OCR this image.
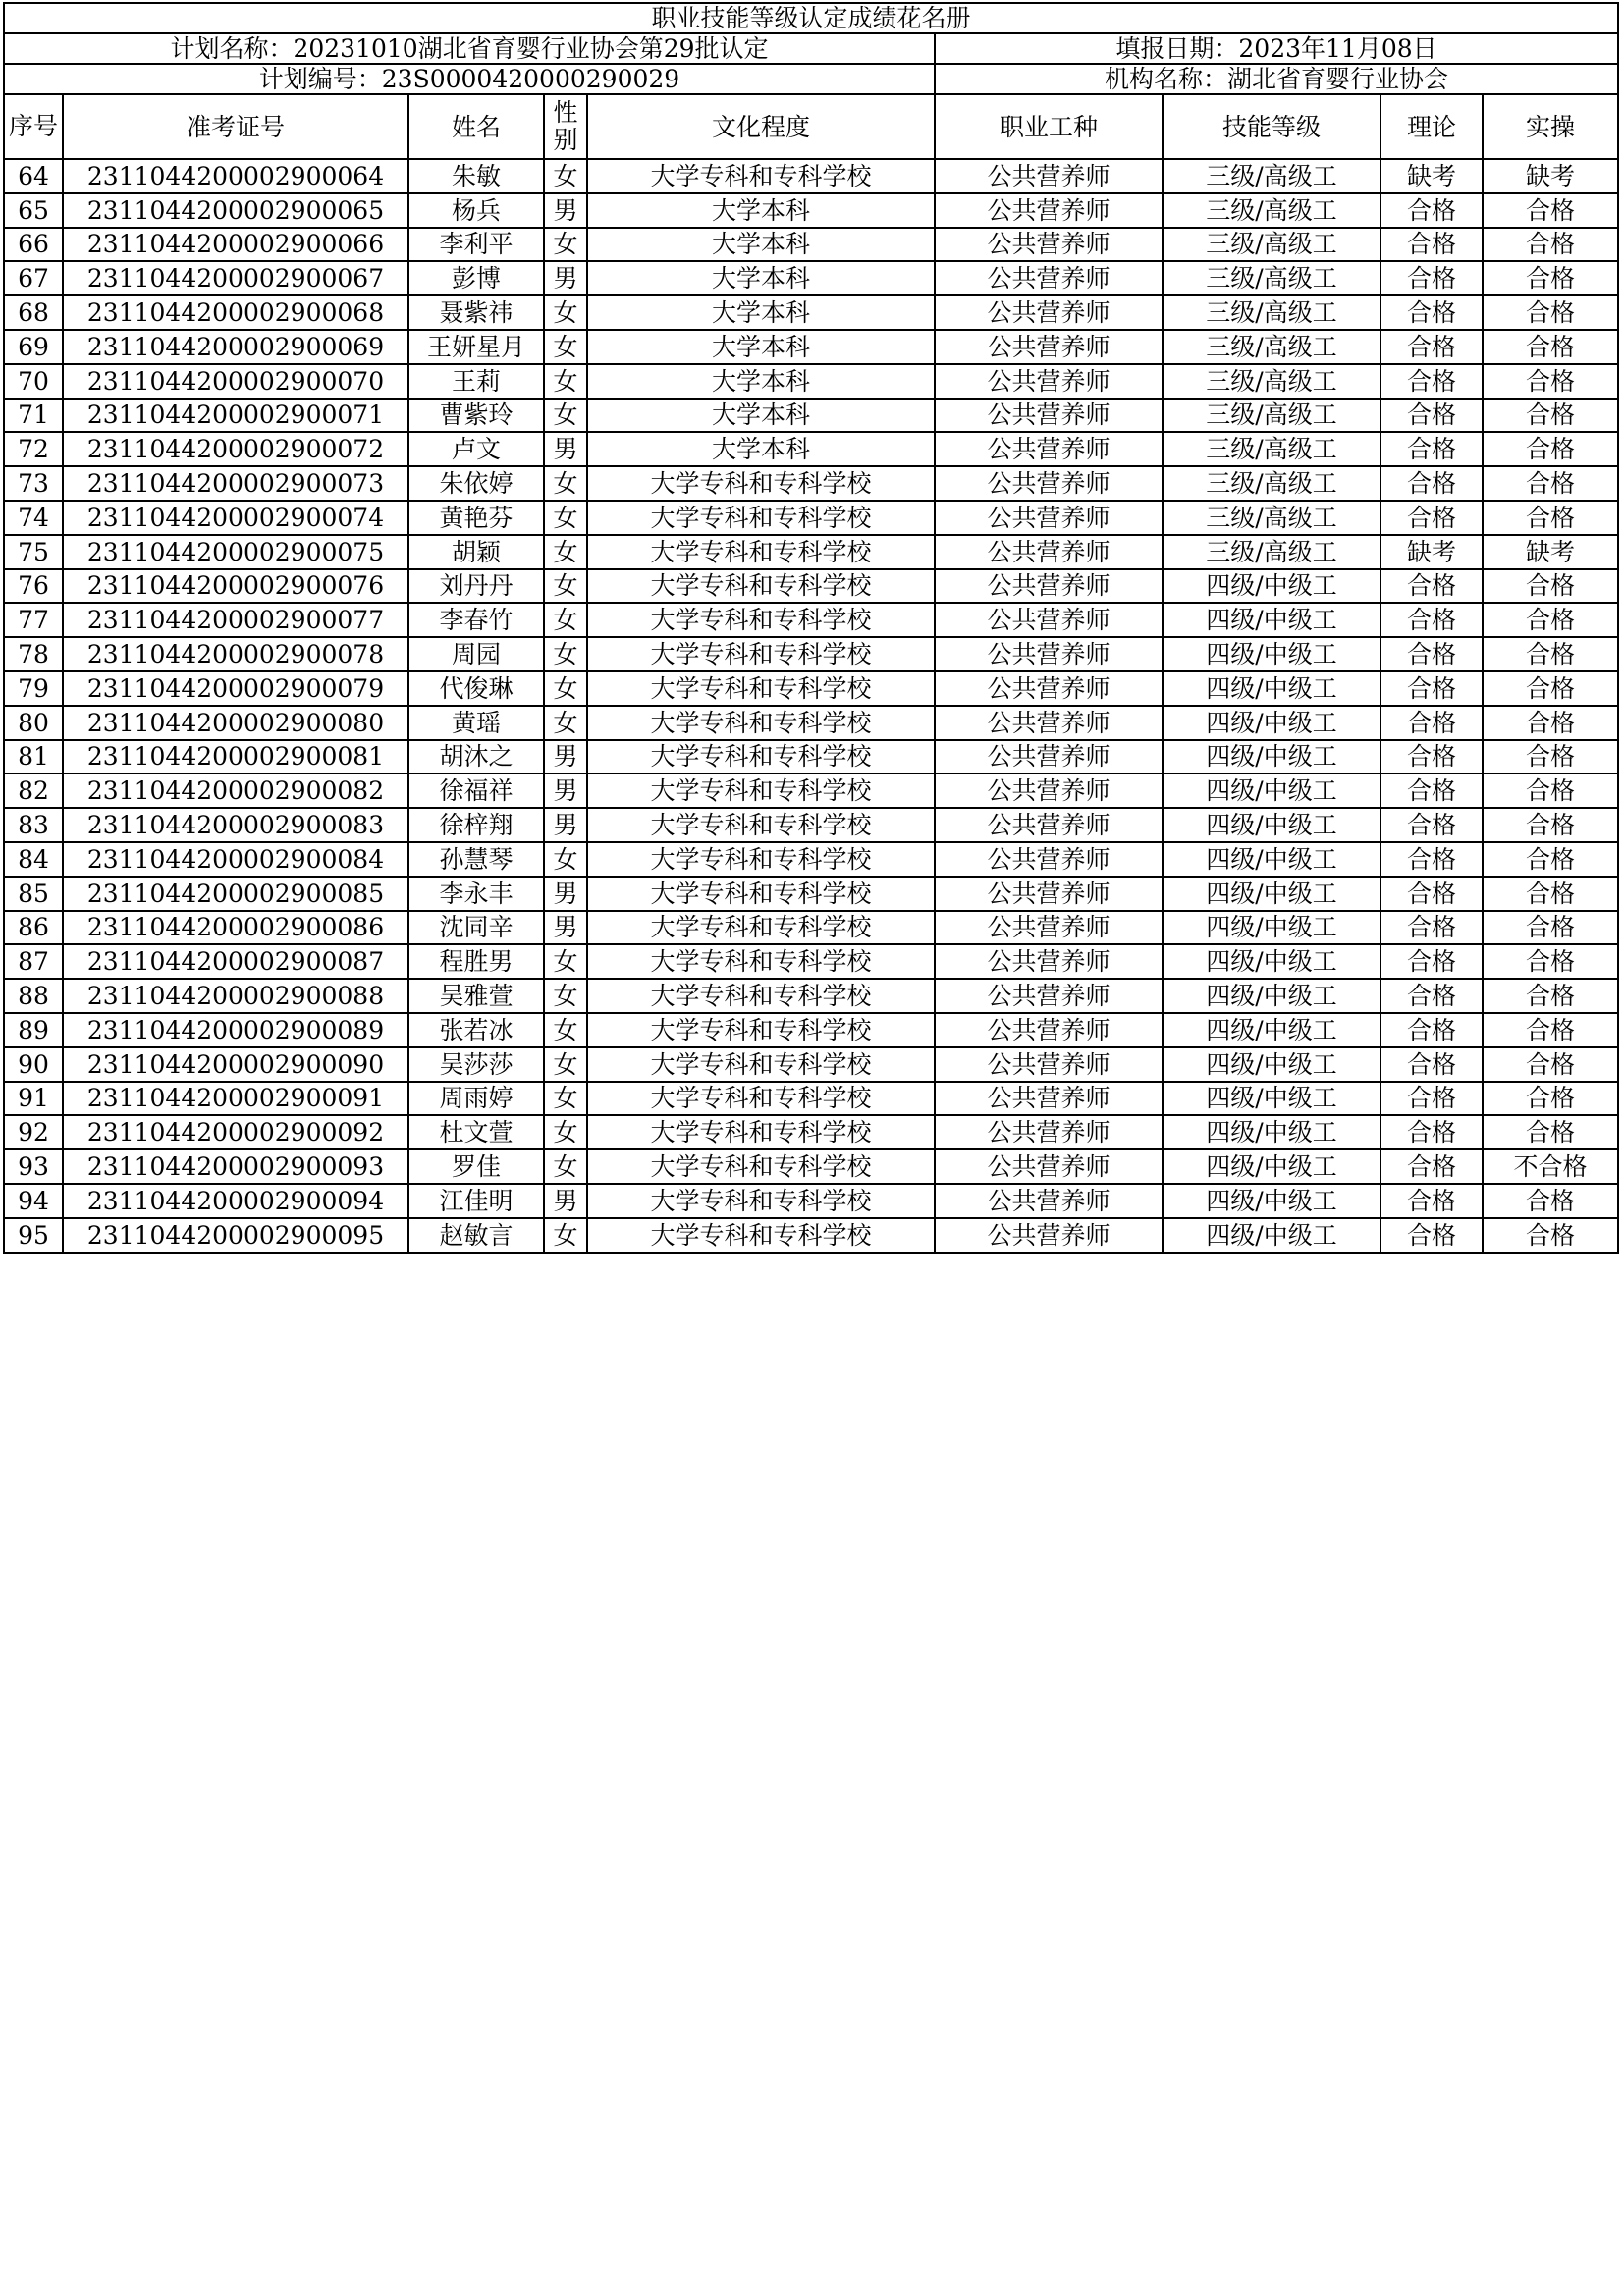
职业技能等级认定成绩花名册								
计划名称：20231010湖北省育婴行业协会第29批认定					填报日期：2023年11月08日			
计划编号：23S000042000029002​9					机构名称：湖北省育婴行业协会			
序号	准考证号	姓名	性别	文化程度	职业工种	技能等级	理论	实操
64	2311044200002900064	朱敏	女	大学专科和专科学校	公共营养师	三级/高级工	缺考	缺考
65	2311044200002900065	杨兵	男	大学本科	公共营养师	三级/高级工	合格	合格
66	2311044200002900066	李利平	女	大学本科	公共营养师	三级/高级工	合格	合格
67	2311044200002900067	彭博	男	大学本科	公共营养师	三级/高级工	合格	合格
68	2311044200002900068	聂紫祎	女	大学本科	公共营养师	三级/高级工	合格	合格
69	2311044200002900069	王妍星月	女	大学本科	公共营养师	三级/高级工	合格	合格
70	2311044200002900070	王莉	女	大学本科	公共营养师	三级/高级工	合格	合格
71	2311044200002900071	曹紫玲	女	大学本科	公共营养师	三级/高级工	合格	合格
72	2311044200002900072	卢文	男	大学本科	公共营养师	三级/高级工	合格	合格
73	2311044200002900073	朱依婷	女	大学专科和专科学校	公共营养师	三级/高级工	合格	合格
74	2311044200002900074	黄艳芬	女	大学专科和专科学校	公共营养师	三级/高级工	合格	合格
75	2311044200002900075	胡颖	女	大学专科和专科学校	公共营养师	三级/高级工	缺考	缺考
76	2311044200002900076	刘丹丹	女	大学专科和专科学校	公共营养师	四级/中级工	合格	合格
77	2311044200002900077	李春竹	女	大学专科和专科学校	公共营养师	四级/中级工	合格	合格
78	2311044200002900078	周园	女	大学专科和专科学校	公共营养师	四级/中级工	合格	合格
79	2311044200002900079	代俊琳	女	大学专科和专科学校	公共营养师	四级/中级工	合格	合格
80	2311044200002900080	黄瑶	女	大学专科和专科学校	公共营养师	四级/中级工	合格	合格
81	2311044200002900081	胡沐之	男	大学专科和专科学校	公共营养师	四级/中级工	合格	合格
82	2311044200002900082	徐福祥	男	大学专科和专科学校	公共营养师	四级/中级工	合格	合格
83	2311044200002900083	徐梓翔	男	大学专科和专科学校	公共营养师	四级/中级工	合格	合格
84	2311044200002900084	孙慧琴	女	大学专科和专科学校	公共营养师	四级/中级工	合格	合格
85	2311044200002900085	李永丰	男	大学专科和专科学校	公共营养师	四级/中级工	合格	合格
86	2311044200002900086	沈同辛	男	大学专科和专科学校	公共营养师	四级/中级工	合格	合格
87	2311044200002900087	程胜男	女	大学专科和专科学校	公共营养师	四级/中级工	合格	合格
88	2311044200002900088	吴雅萱	女	大学专科和专科学校	公共营养师	四级/中级工	合格	合格
89	2311044200002900089	张若冰	女	大学专科和专科学校	公共营养师	四级/中级工	合格	合格
90	2311044200002900090	吴莎莎	女	大学专科和专科学校	公共营养师	四级/中级工	合格	合格
91	2311044200002900091	周雨婷	女	大学专科和专科学校	公共营养师	四级/中级工	合格	合格
92	2311044200002900092	杜文萱	女	大学专科和专科学校	公共营养师	四级/中级工	合格	合格
93	2311044200002900093	罗佳	女	大学专科和专科学校	公共营养师	四级/中级工	合格	不合格
94	2311044200002900094	江佳明	男	大学专科和专科学校	公共营养师	四级/中级工	合格	合格
95	2311044200002900095	赵敏言	女	大学专科和专科学校	公共营养师	四级/中级工	合格	合格
